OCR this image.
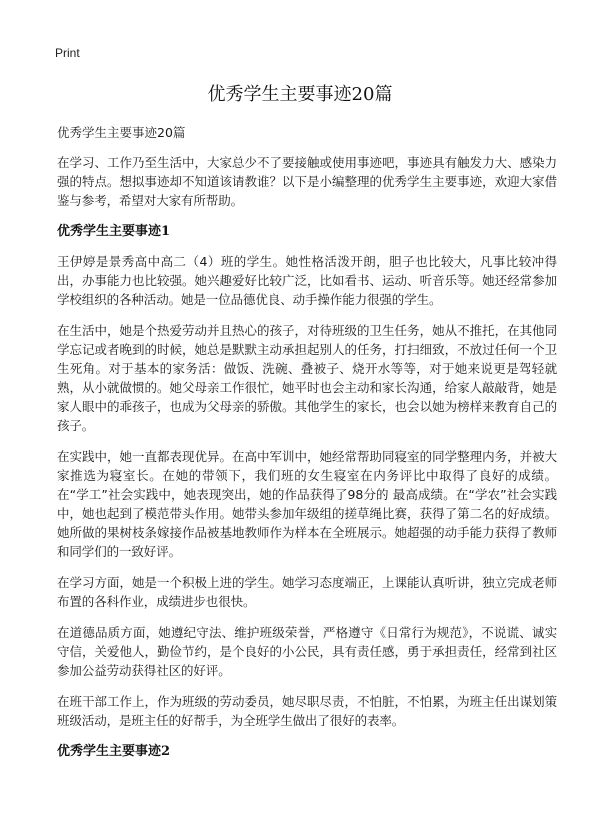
Print
优秀学生主要事迹20篇

优秀学生主要事迹20篇

在学习、工作乃至生活中，大家总少不了要接触或使用事迹吧，事迹具有触发力大、感染力强的特点。想拟事迹却不知道该请教谁？以下是小编整理的优秀学生主要事迹，欢迎大家借鉴与参考，希望对大家有所帮助。

优秀学生主要事迹1

王伊婷是景秀高中高二（4）班的学生。她性格活泼开朗，胆子也比较大，凡事比较冲得出，办事能力也比较强。她兴趣爱好比较广泛，比如看书、运动、听音乐等。她还经常参加学校组织的各种活动。她是一位品德优良、动手操作能力很强的学生。

在生活中，她是个热爱劳动并且热心的孩子，对待班级的卫生任务，她从不推托，在其他同学忘记或者晚到的时候，她总是默默主动承担起别人的任务，打扫细致，不放过任何一个卫生死角。对于基本的家务活：做饭、洗碗、叠被子、烧开水等等，对于她来说更是驾轻就熟，从小就做惯的。她父母亲工作很忙，她平时也会主动和家长沟通，给家人敲敲背，她是家人眼中的乖孩子，也成为父母亲的骄傲。其他学生的家长，也会以她为榜样来教育自己的孩子。

在实践中，她一直都表现优异。在高中军训中，她经常帮助同寝室的同学整理内务，并被大家推选为寝室长。在她的带领下，我们班的女生寝室在内务评比中取得了良好的成绩。在“学工”社会实践中，她表现突出，她的作品获得了98分的 最高成绩。在“学农”社会实践中，她也起到了模范带头作用。她带头参加年级组的搓草绳比赛，获得了第二名的好成绩。她所做的果树枝条嫁接作品被基地教师作为样本在全班展示。她超强的动手能力获得了教师和同学们的一致好评。

在学习方面，她是一个积极上进的学生。她学习态度端正，上课能认真听讲，独立完成老师布置的各科作业，成绩进步也很快。

在道德品质方面，她遵纪守法、维护班级荣誉，严格遵守《日常行为规范》，不说谎、诚实守信，关爱他人，勤俭节约，是个良好的小公民，具有责任感，勇于承担责任，经常到社区参加公益劳动获得社区的好评。

在班干部工作上，作为班级的劳动委员，她尽职尽责，不怕脏，不怕累，为班主任出谋划策班级活动，是班主任的好帮手，为全班学生做出了很好的表率。

优秀学生主要事迹2
